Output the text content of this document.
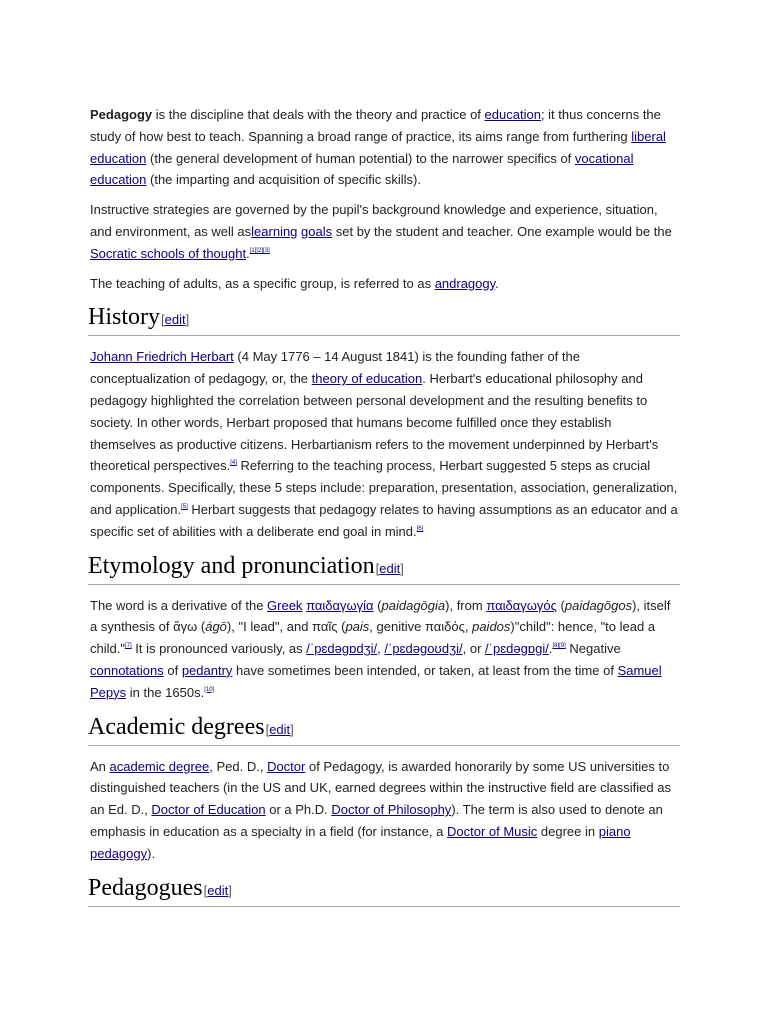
Pedagogy is the discipline that deals with the theory and practice of education; it thus concerns the study of how best to teach. Spanning a broad range of practice, its aims range from furthering liberal education (the general development of human potential) to the narrower specifics of vocational education (the imparting and acquisition of specific skills).

Instructive strategies are governed by the pupil's background knowledge and experience, situation, and environment, as well aslearning goals set by the student and teacher. One example would be the Socratic schools of thought.[1][2][3]

The teaching of adults, as a specific group, is referred to as andragogy.

History[edit]

Johann Friedrich Herbart (4 May 1776 – 14 August 1841) is the founding father of the conceptualization of pedagogy, or, the theory of education. Herbart's educational philosophy and pedagogy highlighted the correlation between personal development and the resulting benefits to society. In other words, Herbart proposed that humans become fulfilled once they establish themselves as productive citizens. Herbartianism refers to the movement underpinned by Herbart's theoretical perspectives.[4] Referring to the teaching process, Herbart suggested 5 steps as crucial components. Specifically, these 5 steps include: preparation, presentation, association, generalization, and application.[5] Herbart suggests that pedagogy relates to having assumptions as an educator and a specific set of abilities with a deliberate end goal in mind.[6]

Etymology and pronunciation[edit]

The word is a derivative of the Greek παιδαγωγία (paidagōgia), from παιδαγωγός (paidagōgos), itself a synthesis of ἄγω (ágō), "I lead", and παῖς (pais, genitive παιδός, paidos)"child": hence, "to lead a child."[7] It is pronounced variously, as /ˈpɛdəɡɒdʒi/, /ˈpɛdəɡoʊdʒi/, or /ˈpɛdəɡɒɡi/.[8][9] Negative connotations of pedantry have sometimes been intended, or taken, at least from the time of Samuel Pepys in the 1650s.[10]

Academic degrees[edit]

An academic degree, Ped. D., Doctor of Pedagogy, is awarded honorarily by some US universities to distinguished teachers (in the US and UK, earned degrees within the instructive field are classified as an Ed. D., Doctor of Education or a Ph.D. Doctor of Philosophy). The term is also used to denote an emphasis in education as a specialty in a field (for instance, a Doctor of Music degree in piano pedagogy).

Pedagogues[edit]
